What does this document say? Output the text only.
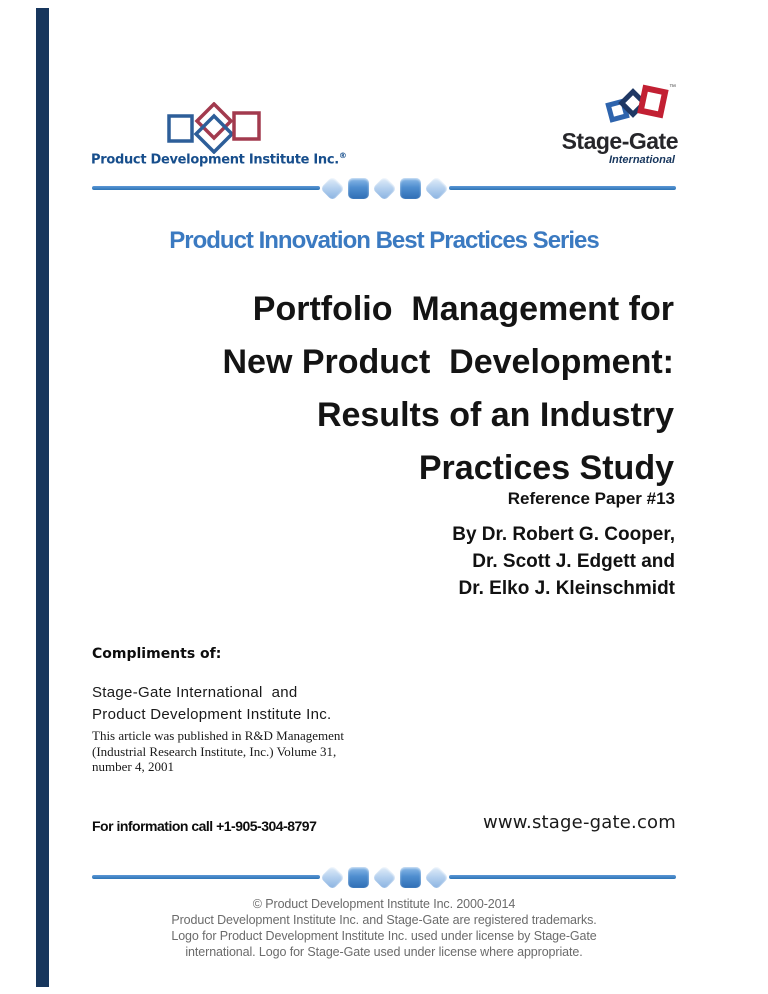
Product Development Institute Inc.®
™
Stage-Gate
International
Product Innovation Best Practices Series
Portfolio  Management for
New Product  Development:
Results of an Industry
Practices Study
Reference Paper #13
By Dr. Robert G. Cooper,
Dr. Scott J. Edgett and
Dr. Elko J. Kleinschmidt
Compliments of:
Stage-Gate International  and
Product Development Institute Inc.
This article was published in R&D Management
(Industrial Research Institute, Inc.) Volume 31,
number 4, 2001
For information call +1-905-304-8797	www.stage-gate.com
© Product Development Institute Inc. 2000-2014
Product Development Institute Inc. and Stage-Gate are registered trademarks.
Logo for Product Development Institute Inc. used under license by Stage-Gate
international. Logo for Stage-Gate used under license where appropriate.
